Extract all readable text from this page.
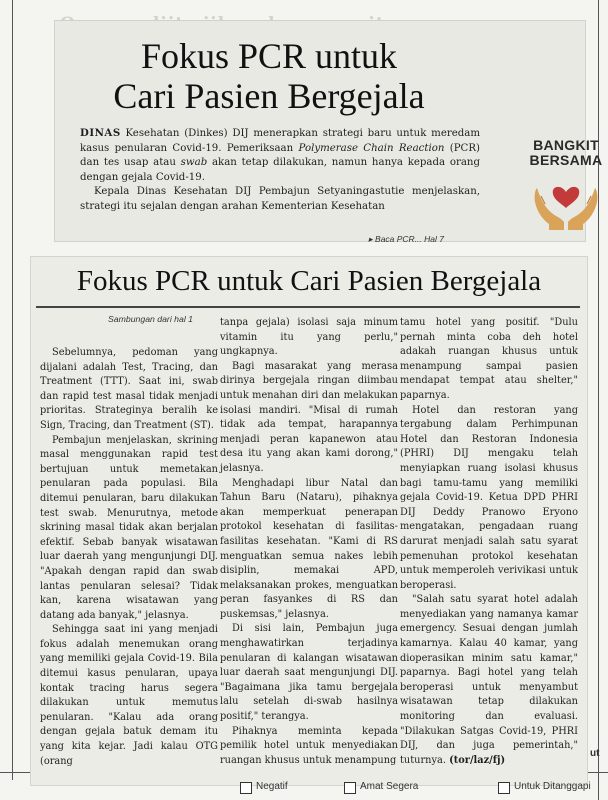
Fokus PCR untuk
Cari Pasien Bergejala

DINAS Kesehatan (Dinkes) DIJ menerapkan strategi baru untuk meredam kasus penularan Covid-19. Pemeriksaan Polymerase Chain Reaction (PCR) dan tes usap atau swab akan tetap dilakukan, namun hanya kepada orang dengan gejala Covid-19.

Kepala Dinas Kesehatan DIJ Pembajun Setyaningastutie menjelaskan, strategi itu sejalan dengan arahan Kementerian Kesehatan

▸ Baca PCR... Hal 7
BANGKIT
BERSAMA
Fokus PCR untuk Cari Pasien Bergejala
Sambungan dari hal 1

Sebelumnya, pedoman yang dijalani adalah Test, Tracing, dan Treatment (TTT). Saat ini, swab dan rapid test masal tidak menjadi prioritas. Strateginya beralih ke Sign, Tracing, dan Treatment (ST).

Pembajun menjelaskan, skrining masal menggunakan rapid test bertujuan untuk memetakan penularan pada populasi. Bila ditemui penularan, baru dilakukan test swab. Menurutnya, metode skrining masal tidak akan berjalan efektif. Sebab banyak wisatawan luar daerah yang mengunjungi DIJ. "Apakah dengan rapid dan swab lantas penularan selesai? Tidak kan, karena wisatawan yang datang ada banyak," jelasnya.

Sehingga saat ini yang menjadi fokus adalah menemukan orang yang memiliki gejala Covid-19. Bila ditemui kasus penularan, upaya kontak tracing harus segera dilakukan untuk memutus penularan. "Kalau ada orang dengan gejala batuk demam itu yang kita kejar. Jadi kalau OTG (orang

tanpa gejala) isolasi saja minum vitamin itu yang perlu," ungkapnya.

Bagi masarakat yang merasa dirinya bergejala ringan diimbau untuk menahan diri dan melakukan isolasi mandiri. "Misal di rumah tidak ada tempat, harapannya menjadi peran kapanewon atau desa itu yang akan kami dorong," jelasnya.

Menghadapi libur Natal dan Tahun Baru (Nataru), pihaknya akan memperkuat penerapan protokol kesehatan di fasilitas-fasilitas kesehatan. "Kami di RS menguatkan semua nakes lebih disiplin, memakai APD, melaksanakan prokes, menguatkan peran fasyankes di RS dan puskemsas," jelasnya.

Di sisi lain, Pembajun juga menghawatirkan terjadinya penularan di kalangan wisatawan luar daerah saat mengunjungi DIJ. "Bagaimana jika tamu bergejala lalu setelah di-swab hasilnya positif," terangya.

Pihaknya meminta kepada pemilik hotel untuk menyediakan ruangan khusus untuk menampung

tamu hotel yang positif. "Dulu pernah minta coba deh hotel adakah ruangan khusus untuk menampung sampai pasien mendapat tempat atau shelter," paparnya.

Hotel dan restoran yang tergabung dalam Perhimpunan Hotel dan Restoran Indonesia (PHRI) DIJ mengaku telah menyiapkan ruang isolasi khusus bagi tamu-tamu yang memiliki gejala Covid-19. Ketua DPD PHRI DIJ Deddy Pranowo Eryono mengatakan, pengadaan ruang darurat menjadi salah satu syarat pemenuhan protokol kesehatan untuk memperoleh verivikasi untuk beroperasi.

"Salah satu syarat hotel adalah menyediakan yang namanya kamar emergency. Sesuai dengan jumlah kamarnya. Kalau 40 kamar, yang dioperasikan minim satu kamar," paparnya. Bagi hotel yang telah beroperasi untuk menyambut wisatawan tetap dilakukan monitoring dan evaluasi. "Dilakukan Satgas Covid-19, PHRI DIJ, dan juga pemerintah," tuturnya. (tor/laz/fj)

Negatif	Amat Segera	Untuk Ditanggapi
ut
